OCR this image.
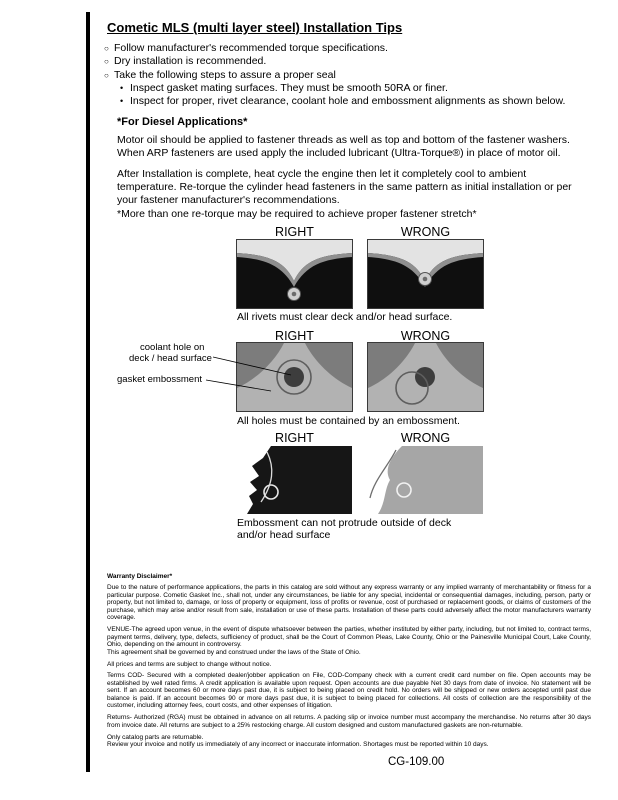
Cometic MLS (multi layer steel) Installation Tips
○ Follow manufacturer's recommended torque specifications.
○ Dry installation is recommended.
○ Take the following steps to assure a proper seal
• Inspect gasket mating surfaces. They must be smooth 50RA or finer.
• Inspect for proper, rivet clearance, coolant hole and embossment alignments as shown below.
*For Diesel Applications*
Motor oil should be applied to fastener threads as well as top and bottom of the fastener washers. When ARP fasteners are used apply the included lubricant (Ultra-Torque®) in place of motor oil.
After Installation is complete, heat cycle the engine then let it completely cool to ambient temperature. Re-torque the cylinder head fasteners in the same pattern as initial installation or per your fastener manufacturer's recommendations.
*More than one re-torque may be required to achieve proper fastener stretch*
RIGHT	WRONG
All rivets must clear deck and/or head surface.
RIGHT	WRONG
coolant hole on
deck / head surface
gasket embossment
All holes must be contained by an embossment.
RIGHT	WRONG
Embossment can not protrude outside of deck
and/or head surface
Warranty Disclaimer*
Due to the nature of performance applications, the parts in this catalog are sold without any express warranty or any implied warranty of merchantability or fitness for a particular purpose. Cometic Gasket Inc., shall not, under any circumstances, be liable for any special, incidental or consequential damages, including, person, party or property, but not limited to, damage, or loss of property or equipment, loss of profits or revenue, cost of purchased or replacement goods, or claims of customers of the purchase, which may arise and/or result from sale, installation or use of these parts. Installation of these parts could adversely affect the motor manufacturers warranty coverage.
VENUE-The agreed upon venue, in the event of dispute whatsoever between the parties, whether instituted by either party, including, but not limited to, contract terms, payment terms, delivery, type, defects, sufficiency of product, shall be the Court of Common Pleas, Lake County, Ohio or the Painesville Municipal Court, Lake County, Ohio, depending on the amount in controversy.
This agreement shall be governed by and construed under the laws of the State of Ohio.
All prices and terms are subject to change without notice.
Terms COD- Secured with a completed dealer/jobber application on File, COD-Company check with a current credit card number on file. Open accounts may be established by well rated firms. A credit application is available upon request. Open accounts are due payable Net 30 days from date of invoice. No statement will be sent. If an account becomes 60 or more days past due, it is subject to being placed on credit hold. No orders will be shipped or new orders accepted until past due balance is paid. If an account becomes 90 or more days past due, it is subject to being placed for collections. All costs of collection are the responsibility of the customer, including attorney fees, court costs, and other expenses of litigation.
Returns- Authorized (RGA) must be obtained in advance on all returns. A packing slip or invoice number must accompany the merchandise. No returns after 30 days from invoice date. All returns are subject to a 25% restocking charge. All custom designed and custom manufactured gaskets are non-returnable.
Only catalog parts are returnable.
Review your invoice and notify us immediately of any incorrect or inaccurate information. Shortages must be reported within 10 days.
CG-109.00
